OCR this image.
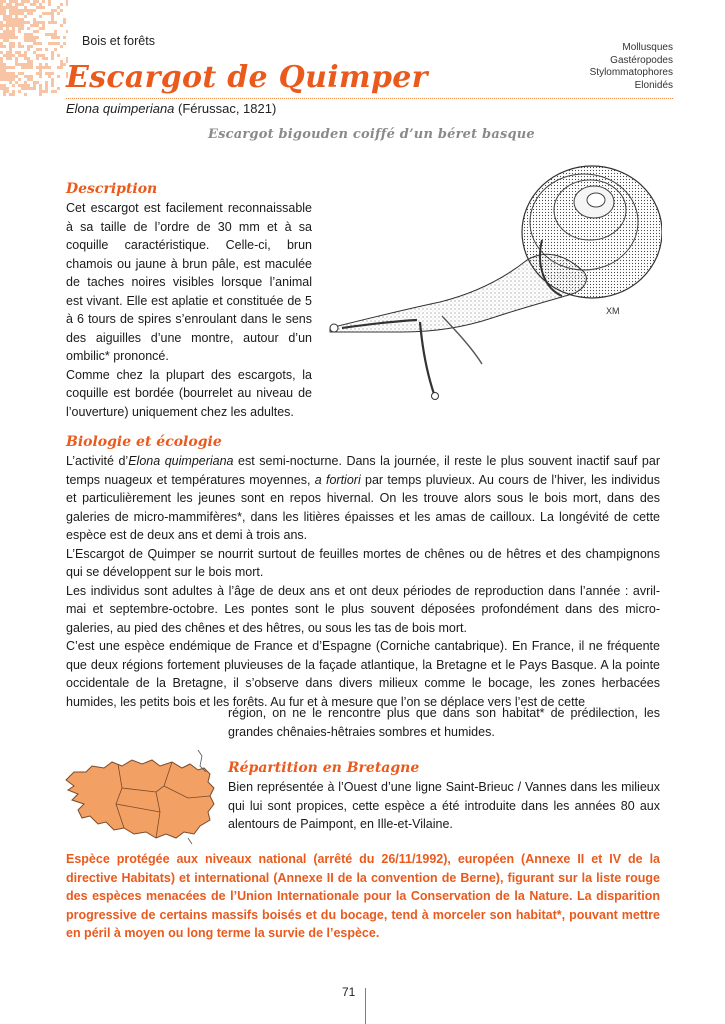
Bois et forêts	Mollusques
Gastéropodes
Stylommatophores
Elonidés
Escargot de Quimper
Elona quimperiana (Férussac, 1821)
Escargot bigouden coiffé d’un béret basque
Description

Cet escargot est facilement reconnaissable à sa taille de l’ordre de 30 mm et à sa coquille caractéristique. Celle-ci, brun chamois ou jaune à brun pâle, est maculée de taches noires visibles lorsque l’animal est vivant. Elle est aplatie et constituée de 5 à 6 tours de spires s’enroulant dans le sens des aiguilles d’une montre, autour d’un ombilic* prononcé.

Comme chez la plupart des escargots, la coquille est bordée (bourrelet au niveau de l’ouverture) uniquement chez les adultes.

XM
Biologie et écologie

L’activité d’Elona quimperiana est semi-nocturne. Dans la journée, il reste le plus souvent inactif sauf par temps nuageux et températures moyennes, a fortiori par temps pluvieux. Au cours de l’hiver, les individus et particulièrement les jeunes sont en repos hivernal. On les trouve alors sous le bois mort, dans des galeries de micro-mammifères*, dans les litières épaisses et les amas de cailloux. La longévité de cette espèce est de deux ans et demi à trois ans.

L’Escargot de Quimper se nourrit surtout de feuilles mortes de chênes ou de hêtres et des champignons qui se développent sur le bois mort.

Les individus sont adultes à l’âge de deux ans et ont deux périodes de reproduction dans l’année : avril-mai et septembre-octobre. Les pontes sont le plus souvent déposées profondément dans des micro-galeries, au pied des chênes et des hêtres, ou sous les tas de bois mort.

C’est une espèce endémique de France et d’Espagne (Corniche cantabrique). En France, il ne fréquente que deux régions fortement pluvieuses de la façade atlantique, la Bretagne et le Pays Basque. A la pointe occidentale de la Bretagne, il s’observe dans divers milieux comme le bocage, les zones herbacées humides, les petits bois et les forêts. Au fur et à mesure que l’on se déplace vers l’est de cette

région, on ne le rencontre plus que dans son habitat* de prédilection, les grandes chênaies-hêtraies sombres et humides.

Répartition en Bretagne

Bien représentée à l’Ouest d’une ligne Saint-Brieuc / Vannes dans les milieux qui lui sont propices, cette espèce a été introduite dans les années 80 aux alentours de Paimpont, en Ille-et-Vilaine.

Espèce protégée aux niveaux national (arrêté du 26/11/1992), européen (Annexe II et IV de la directive Habitats) et international (Annexe II de la convention de Berne), figurant sur la liste rouge des espèces menacées de l’Union Internationale pour la Conservation de la Nature. La disparition progressive de certains massifs boisés et du bocage, tend à morceler son habitat*, pouvant mettre en péril à moyen ou long terme la survie de l’espèce.

71
